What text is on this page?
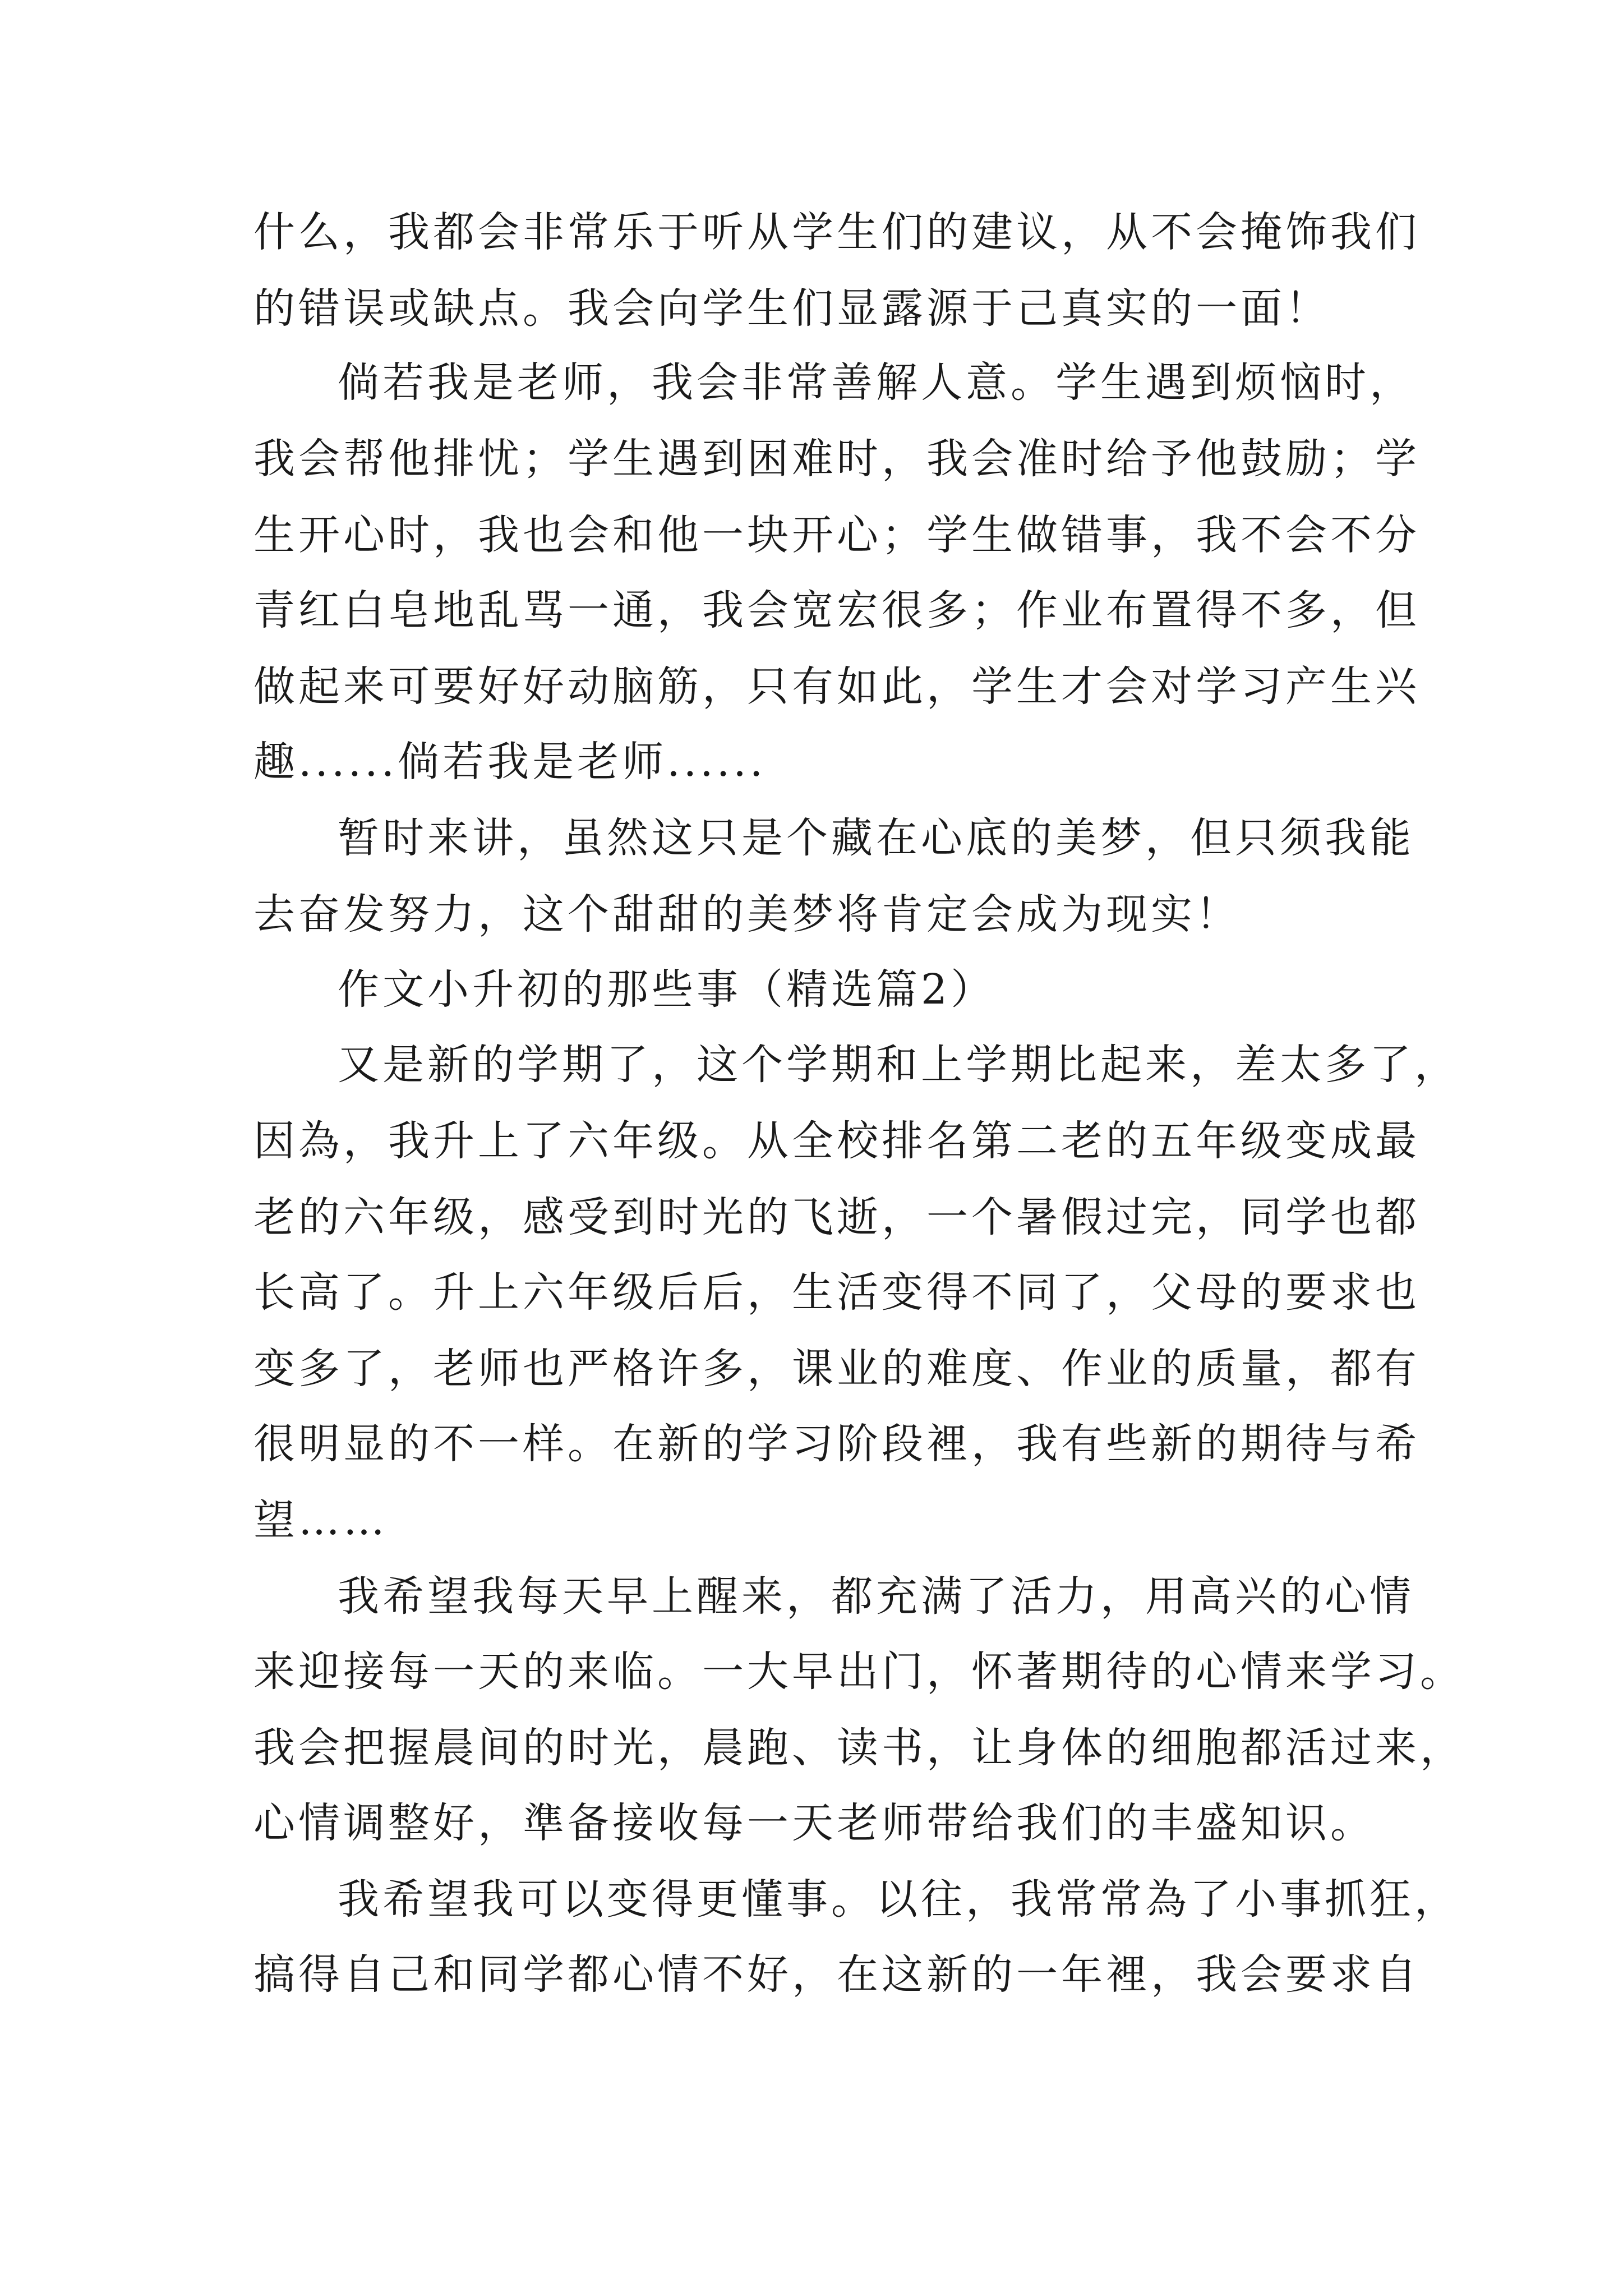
什么，我都会非常乐于听从学生们的建议，从不会掩饰我们
的错误或缺点。我会向学生们显露源于己真实的一面！
倘若我是老师，我会非常善解人意。学生遇到烦恼时，
我会帮他排忧；学生遇到困难时，我会准时给予他鼓励；学
生开心时，我也会和他一块开心；学生做错事，我不会不分
青红白皂地乱骂一通，我会宽宏很多；作业布置得不多，但
做起来可要好好动脑筋，只有如此，学生才会对学习产生兴
趣......倘若我是老师......
暂时来讲，虽然这只是个藏在心底的美梦，但只须我能
去奋发努力，这个甜甜的美梦将肯定会成为现实！
作文小升初的那些事（精选篇2）
又是新的学期了，这个学期和上学期比起来，差太多了，
因為，我升上了六年级。从全校排名第二老的五年级变成最
老的六年级，感受到时光的飞逝，一个暑假过完，同学也都
长高了。升上六年级后后，生活变得不同了，父母的要求也
变多了，老师也严格许多，课业的难度、作业的质量，都有
很明显的不一样。在新的学习阶段裡，我有些新的期待与希
望……
我希望我每天早上醒来，都充满了活力，用高兴的心情
来迎接每一天的来临。一大早出门，怀著期待的心情来学习。
我会把握晨间的时光，晨跑、读书，让身体的细胞都活过来，
心情调整好，準备接收每一天老师带给我们的丰盛知识。
我希望我可以变得更懂事。以往，我常常為了小事抓狂，
搞得自己和同学都心情不好，在这新的一年裡，我会要求自
